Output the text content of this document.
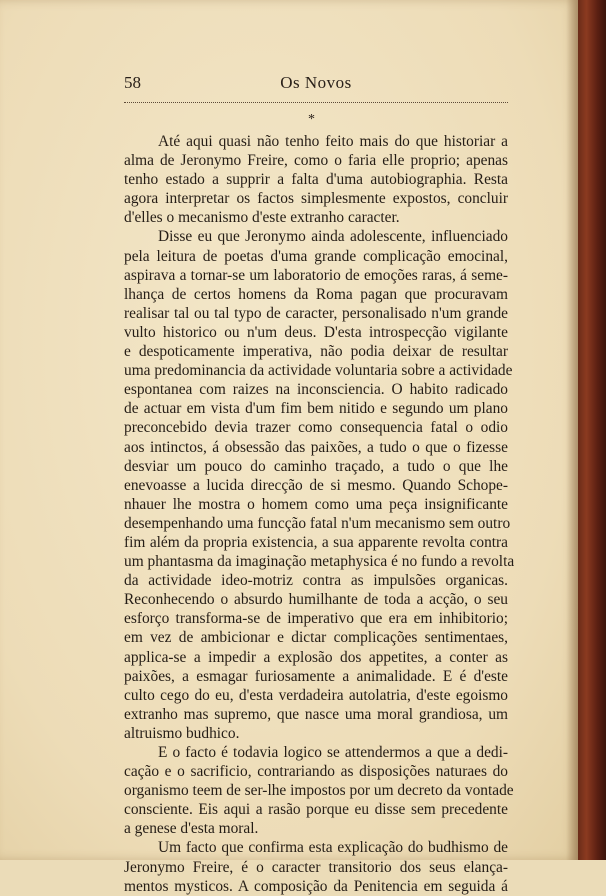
58	Os Novos
*
Até aqui quasi não tenho feito mais do que historiar a
alma de Jeronymo Freire, como o faria elle proprio; apenas
tenho estado a supprir a falta d'uma autobiographia. Resta
agora interpretar os factos simplesmente expostos, concluir
d'elles o mecanismo d'este extranho caracter.
Disse eu que Jeronymo ainda adolescente, influenciado
pela leitura de poetas d'uma grande complicação emocinal,
aspirava a tornar-se um laboratorio de emoções raras, á seme-
lhança de certos homens da Roma pagan que procuravam
realisar tal ou tal typo de caracter, personalisado n'um grande
vulto historico ou n'um deus. D'esta introspecção vigilante
e despoticamente imperativa, não podia deixar de resultar
uma predominancia da actividade voluntaria sobre a actividade
espontanea com raizes na inconsciencia. O habito radicado
de actuar em vista d'um fim bem nitido e segundo um plano
preconcebido devia trazer como consequencia fatal o odio
aos intinctos, á obsessão das paixões, a tudo o que o fizesse
desviar um pouco do caminho traçado, a tudo o que lhe
enevoasse a lucida direcção de si mesmo. Quando Schope-
nhauer lhe mostra o homem como uma peça insignificante
desempenhando uma funcção fatal n'um mecanismo sem outro
fim além da propria existencia, a sua apparente revolta contra
um phantasma da imaginação metaphysica é no fundo a revolta
da actividade ideo-motriz contra as impulsões organicas.
Reconhecendo o absurdo humilhante de toda a acção, o seu
esforço transforma-se de imperativo que era em inhibitorio;
em vez de ambicionar e dictar complicações sentimentaes,
applica-se a impedir a explosão dos appetites, a conter as
paixões, a esmagar furiosamente a animalidade. E é d'este
culto cego do eu, d'esta verdadeira autolatria, d'este egoismo
extranho mas supremo, que nasce uma moral grandiosa, um
altruismo budhico.
E o facto é todavia logico se attendermos a que a dedi-
cação e o sacrificio, contrariando as disposições naturaes do
organismo teem de ser-lhe impostos por um decreto da vontade
consciente. Eis aqui a rasão porque eu disse sem precedente
a genese d'esta moral.
Um facto que confirma esta explicação do budhismo de
Jeronymo Freire, é o caracter transitorio dos seus elança-
mentos mysticos. A composição da Penitencia em seguida á
